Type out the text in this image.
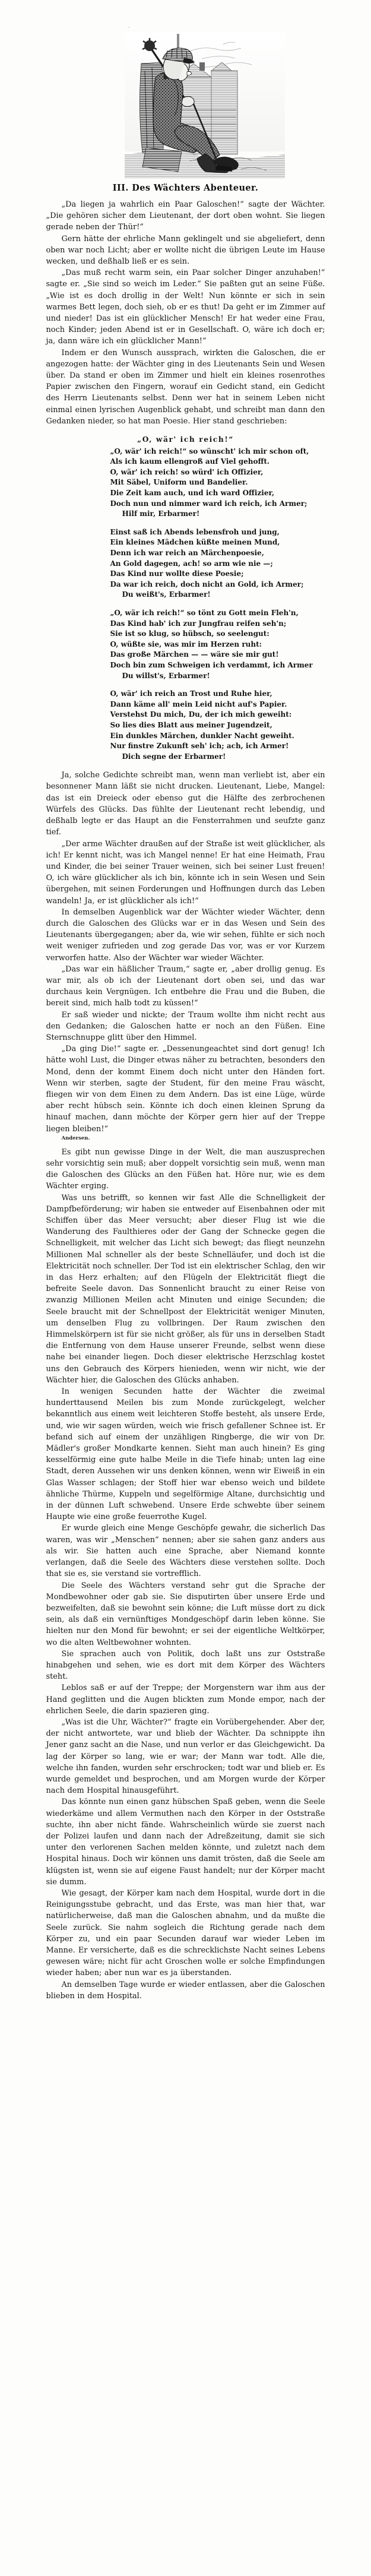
·
III. Des Wächters Abenteuer.

„Da liegen ja wahrlich ein Paar Galoschen!“ sagte der Wächter. „Die gehören sicher dem Lieutenant, der dort oben wohnt. Sie liegen gerade neben der Thür!“

Gern hätte der ehrliche Mann geklingelt und sie abgeliefert, denn oben war noch Licht; aber er wollte nicht die übrigen Leute im Hause wecken, und deßhalb ließ er es sein.

„Das muß recht warm sein, ein Paar solcher Dinger anzuhaben!“ sagte er. „Sie sind so weich im Leder.“ Sie paßten gut an seine Füße. „Wie ist es doch drollig in der Welt! Nun könnte er sich in sein warmes Bett legen, doch sieh, ob er es thut! Da geht er im Zimmer auf und nieder! Das ist ein glücklicher Mensch! Er hat weder eine Frau, noch Kinder; jeden Abend ist er in Gesellschaft. O, wäre ich doch er; ja, dann wäre ich ein glücklicher Mann!“

Indem er den Wunsch aussprach, wirkten die Galoschen, die er angezogen hatte: der Wächter ging in des Lieutenants Sein und Wesen über. Da stand er oben im Zimmer und hielt ein kleines rosenrothes Papier zwischen den Fingern, worauf ein Gedicht stand, ein Gedicht des Herrn Lieutenants selbst. Denn wer hat in seinem Leben nicht einmal einen lyrischen Augenblick gehabt, und schreibt man dann den Gedanken nieder, so hat man Poesie. Hier stand geschrieben:

„O, wär' ich reich!“
„O, wär' ich reich!“ so wünscht' ich mir schon oft,
Als ich kaum ellengroß auf Viel gehofft.
O, wär' ich reich! so würd' ich Offizier,
Mit Säbel, Uniform und Bandelier.
Die Zeit kam auch, und ich ward Offizier,
Doch nun und nimmer ward ich reich, ich Armer;
Hilf mir, Erbarmer!
Einst saß ich Abends lebensfroh und jung,
Ein kleines Mädchen küßte meinen Mund,
Denn ich war reich an Märchenpoesie,
An Gold dagegen, ach! so arm wie nie —;
Das Kind nur wollte diese Poesie;
Da war ich reich, doch nicht an Gold, ich Armer;
Du weißt's, Erbarmer!
„O, wär ich reich!“ so tönt zu Gott mein Fleh'n,
Das Kind hab' ich zur Jungfrau reifen seh'n;
Sie ist so klug, so hübsch, so seelengut:
O, wüßte sie, was mir im Herzen ruht:
Das große Märchen — — wäre sie mir gut!
Doch bin zum Schweigen ich verdammt, ich Armer
Du willst's, Erbarmer!
O, wär' ich reich an Trost und Ruhe hier,
Dann käme all' mein Leid nicht auf's Papier.
Verstehst Du mich, Du, der ich mich geweiht:
So lies dies Blatt aus meiner Jugendzeit,
Ein dunkles Märchen, dunkler Nacht geweiht.
Nur finstre Zukunft seh' ich; ach, ich Armer!
Dich segne der Erbarmer!

Ja, solche Gedichte schreibt man, wenn man verliebt ist, aber ein besonnener Mann läßt sie nicht drucken. Lieutenant, Liebe, Mangel: das ist ein Dreieck oder ebenso gut die Hälfte des zerbrochenen Würfels des Glücks. Das fühlte der Lieutenant recht lebendig, und deßhalb legte er das Haupt an die Fensterrahmen und seufzte ganz tief.

„Der arme Wächter draußen auf der Straße ist weit glücklicher, als ich! Er kennt nicht, was ich Mangel nenne! Er hat eine Heimath, Frau und Kinder, die bei seiner Trauer weinen, sich bei seiner Lust freuen! O, ich wäre glücklicher als ich bin, könnte ich in sein Wesen und Sein übergehen, mit seinen Forderungen und Hoffnungen durch das Leben wandeln! Ja, er ist glücklicher als ich!“

In demselben Augenblick war der Wächter wieder Wächter, denn durch die Galoschen des Glücks war er in das Wesen und Sein des Lieutenants übergegangen; aber da, wie wir sehen, fühlte er sich noch weit weniger zufrieden und zog gerade Das vor, was er vor Kurzem verworfen hatte. Also der Wächter war wieder Wächter.

„Das war ein häßlicher Traum,“ sagte er, „aber drollig genug. Es war mir, als ob ich der Lieutenant dort oben sei, und das war durchaus kein Vergnügen. Ich entbehre die Frau und die Buben, die bereit sind, mich halb todt zu küssen!“

Er saß wieder und nickte; der Traum wollte ihm nicht recht aus den Gedanken; die Galoschen hatte er noch an den Füßen. Eine Sternschnuppe glitt über den Himmel.

„Da ging Die!“ sagte er. „Dessenungeachtet sind dort genug! Ich hätte wohl Lust, die Dinger etwas näher zu betrachten, besonders den Mond, denn der kommt Einem doch nicht unter den Händen fort. Wenn wir sterben, sagte der Student, für den meine Frau wäscht, fliegen wir von dem Einen zu dem Andern. Das ist eine Lüge, würde aber recht hübsch sein. Könnte ich doch einen kleinen Sprung da hinauf machen, dann möchte der Körper gern hier auf der Treppe liegen bleiben!“

Andersen.

Es gibt nun gewisse Dinge in der Welt, die man auszusprechen sehr vorsichtig sein muß; aber doppelt vorsichtig sein muß, wenn man die Galoschen des Glücks an den Füßen hat. Höre nur, wie es dem Wächter erging.

Was uns betrifft, so kennen wir fast Alle die Schnelligkeit der Dampfbeförderung; wir haben sie entweder auf Eisenbahnen oder mit Schiffen über das Meer versucht; aber dieser Flug ist wie die Wanderung des Faulthieres oder der Gang der Schnecke gegen die Schnelligkeit, mit welcher das Licht sich bewegt; das fliegt neunzehn Millionen Mal schneller als der beste Schnelläufer, und doch ist die Elektricität noch schneller. Der Tod ist ein elektrischer Schlag, den wir in das Herz erhalten; auf den Flügeln der Elektricität fliegt die befreite Seele davon. Das Sonnenlicht braucht zu einer Reise von zwanzig Millionen Meilen acht Minuten und einige Secunden; die Seele braucht mit der Schnellpost der Elektricität weniger Minuten, um denselben Flug zu vollbringen. Der Raum zwischen den Himmelskörpern ist für sie nicht größer, als für uns in derselben Stadt die Entfernung von dem Hause unserer Freunde, selbst wenn diese nahe bei einander liegen. Doch dieser elektrische Herzschlag kostet uns den Gebrauch des Körpers hienieden, wenn wir nicht, wie der Wächter hier, die Galoschen des Glücks anhaben.

In wenigen Secunden hatte der Wächter die zweimal hunderttausend Meilen bis zum Monde zurückgelegt, welcher bekanntlich aus einem weit leichteren Stoffe besteht, als unsere Erde, und, wie wir sagen würden, weich wie frisch gefallener Schnee ist. Er befand sich auf einem der unzähligen Ringberge, die wir von Dr. Mädler's großer Mondkarte kennen. Sieht man auch hinein? Es ging kesselförmig eine gute halbe Meile in die Tiefe hinab; unten lag eine Stadt, deren Aussehen wir uns denken können, wenn wir Eiweiß in ein Glas Wasser schlagen; der Stoff hier war ebenso weich und bildete ähnliche Thürme, Kuppeln und segelförmige Altane, durchsichtig und in der dünnen Luft schwebend. Unsere Erde schwebte über seinem Haupte wie eine große feuerrothe Kugel.

Er wurde gleich eine Menge Geschöpfe gewahr, die sicherlich Das waren, was wir „Menschen“ nennen; aber sie sahen ganz anders aus als wir. Sie hatten auch eine Sprache, aber Niemand konnte verlangen, daß die Seele des Wächters diese verstehen sollte. Doch that sie es, sie verstand sie vortrefflich.

Die Seele des Wächters verstand sehr gut die Sprache der Mondbewohner oder gab sie. Sie disputirten über unsere Erde und bezweifelten, daß sie bewohnt sein könne; die Luft müsse dort zu dick sein, als daß ein vernünftiges Mondgeschöpf darin leben könne. Sie hielten nur den Mond für bewohnt; er sei der eigentliche Weltkörper, wo die alten Weltbewohner wohnten.

Sie sprachen auch von Politik, doch laßt uns zur Oststraße hinabgehen und sehen, wie es dort mit dem Körper des Wächters steht.

Leblos saß er auf der Treppe; der Morgenstern war ihm aus der Hand geglitten und die Augen blickten zum Monde empor, nach der ehrlichen Seele, die darin spazieren ging.

„Was ist die Uhr, Wächter?“ fragte ein Vorübergehender. Aber der, der nicht antwortete, war und blieb der Wächter. Da schnippte ihn Jener ganz sacht an die Nase, und nun verlor er das Gleichgewicht. Da lag der Körper so lang, wie er war; der Mann war todt. Alle die, welche ihn fanden, wurden sehr erschrocken; todt war und blieb er. Es wurde gemeldet und besprochen, und am Morgen wurde der Körper nach dem Hospital hinausgeführt.

Das könnte nun einen ganz hübschen Spaß geben, wenn die Seele wiederkäme und allem Vermuthen nach den Körper in der Oststraße suchte, ihn aber nicht fände. Wahrscheinlich würde sie zuerst nach der Polizei laufen und dann nach der Adreßzeitung, damit sie sich unter den verlorenen Sachen melden könnte, und zuletzt nach dem Hospital hinaus. Doch wir können uns damit trösten, daß die Seele am klügsten ist, wenn sie auf eigene Faust handelt; nur der Körper macht sie dumm.

Wie gesagt, der Körper kam nach dem Hospital, wurde dort in die Reinigungsstube gebracht, und das Erste, was man hier that, war natürlicherweise, daß man die Galoschen abnahm, und da mußte die Seele zurück. Sie nahm sogleich die Richtung gerade nach dem Körper zu, und ein paar Secunden darauf war wieder Leben im Manne. Er versicherte, daß es die schrecklichste Nacht seines Lebens gewesen wäre; nicht für acht Groschen wolle er solche Empfindungen wieder haben; aber nun war es ja überstanden.

An demselben Tage wurde er wieder entlassen, aber die Galoschen blieben in dem Hospital.
